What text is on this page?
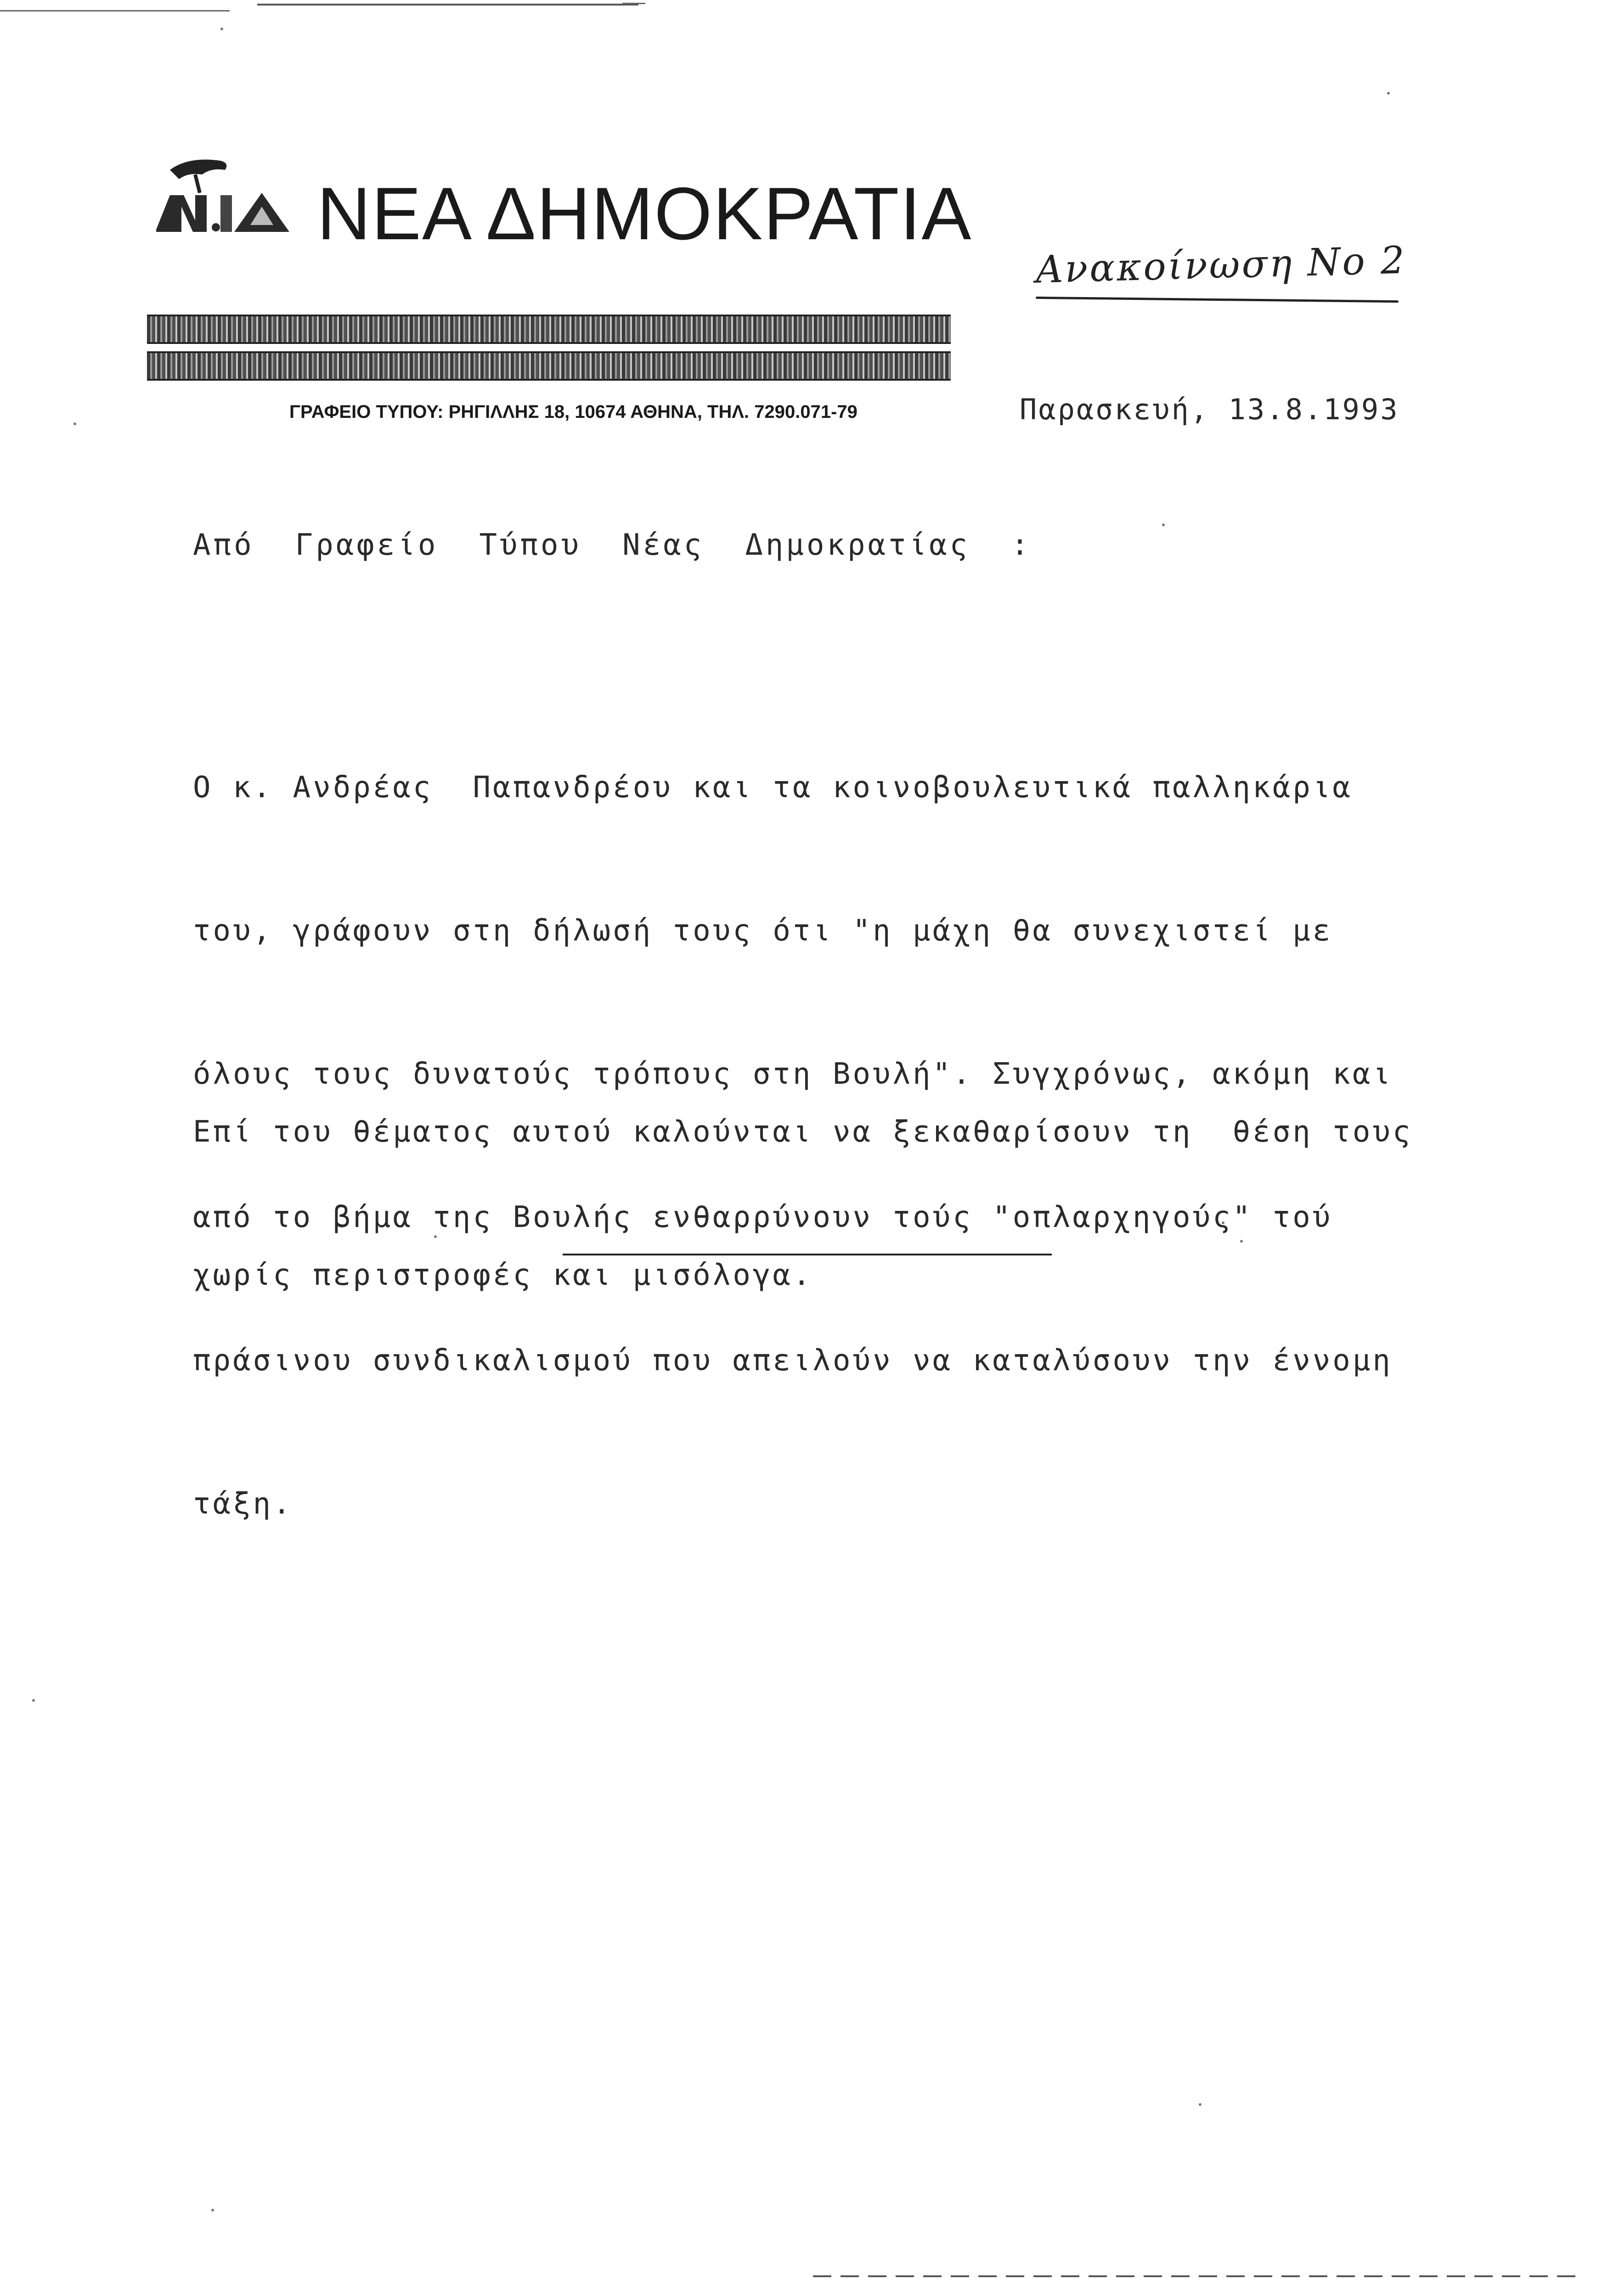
ΝΕΑ ΔΗΜΟΚΡΑΤΙΑ
ΓΡΑΦΕΙΟ ΤΥΠΟΥ: ΡΗΓΙΛΛΗΣ 18, 10674 ΑΘΗΝΑ, ΤΗΛ. 7290.071-79
Ανακοίνωση Νο 2
Παρασκευή, 13.8.1993
Από  Γραφείο  Τύπου  Νέας  Δημοκρατίας  :

Ο κ. Ανδρέας  Παπανδρέου και τα κοινοβουλευτικά παλληκάρια

του, γράφουν στη δήλωσή τους ότι "η μάχη θα συνεχιστεί με

όλους τους δυνατούς τρόπους στη Βουλή". Συγχρόνως, ακόμη και

από το βήμα της Βουλής ενθαρρύνουν τούς "οπλαρχηγούς" τού

πράσινου συνδικαλισμού που απειλούν να καταλύσουν την έννομη

τάξη.

Επί του θέματος αυτού καλούνται να ξεκαθαρίσουν τη  θέση τους

χωρίς περιστροφές και μισόλογα.
